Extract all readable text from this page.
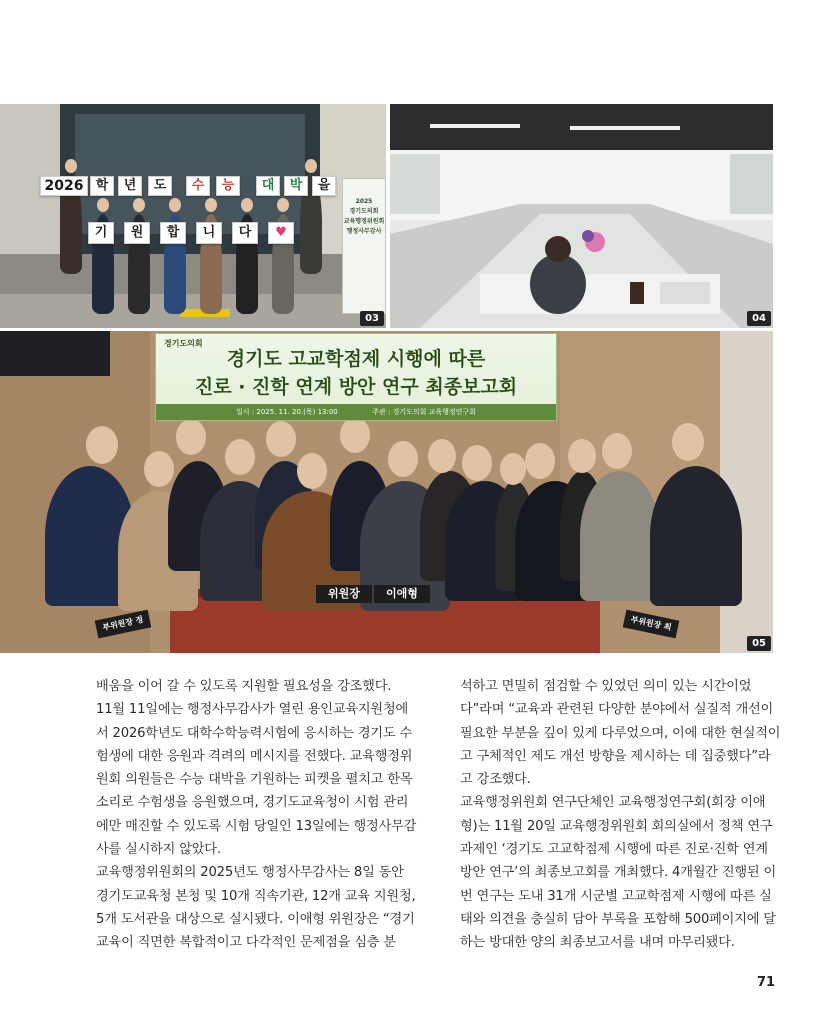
2026 학	년	도	수	능	대	박	을
기	원	합	니	다	♥
2025
경기도의회
교육행정위원회
행정사무감사
03	04
경기도의회
경기도 고교학점제 시행에 따른
진로 · 진학 연계 방안 연구 최종보고회
일시 : 2025. 11. 20.(목) 13:00	주관 : 경기도의회 교육행정연구회
위원장	이애형
부위원장 정	부위원장 최
05

배움을 이어 갈 수 있도록 지원할 필요성을 강조했다.

11월 11일에는 행정사무감사가 열린 용인교육지원청에서 2026학년도 대학수학능력시험에 응시하는 경기도 수험생에 대한 응원과 격려의 메시지를 전했다. 교육행정위원회 의원들은 수능 대박을 기원하는 피켓을 펼치고 한목소리로 수험생을 응원했으며, 경기도교육청이 시험 관리에만 매진할 수 있도록 시험 당일인 13일에는 행정사무감사를 실시하지 않았다.

교육행정위원회의 2025년도 행정사무감사는 8일 동안 경기도교육청 본청 및 10개 직속기관, 12개 교육 지원청, 5개 도서관을 대상으로 실시됐다. 이애형 위원장은 “경기교육이 직면한 복합적이고 다각적인 문제점을 심층 분

석하고 면밀히 점검할 수 있었던 의미 있는 시간이었다”라며 “교육과 관련된 다양한 분야에서 실질적 개선이 필요한 부분을 깊이 있게 다루었으며, 이에 대한 현실적이고 구체적인 제도 개선 방향을 제시하는 데 집중했다”라고 강조했다.

교육행정위원회 연구단체인 교육행정연구회(회장 이애형)는 11월 20일 교육행정위원회 회의실에서 정책 연구 과제인 ‘경기도 고교학점제 시행에 따른 진로·진학 연계 방안 연구’의 최종보고회를 개최했다. 4개월간 진행된 이번 연구는 도내 31개 시군별 고교학점제 시행에 따른 실태와 의견을 충실히 담아 부록을 포함해 500페이지에 달하는 방대한 양의 최종보고서를 내며 마무리됐다.

71
